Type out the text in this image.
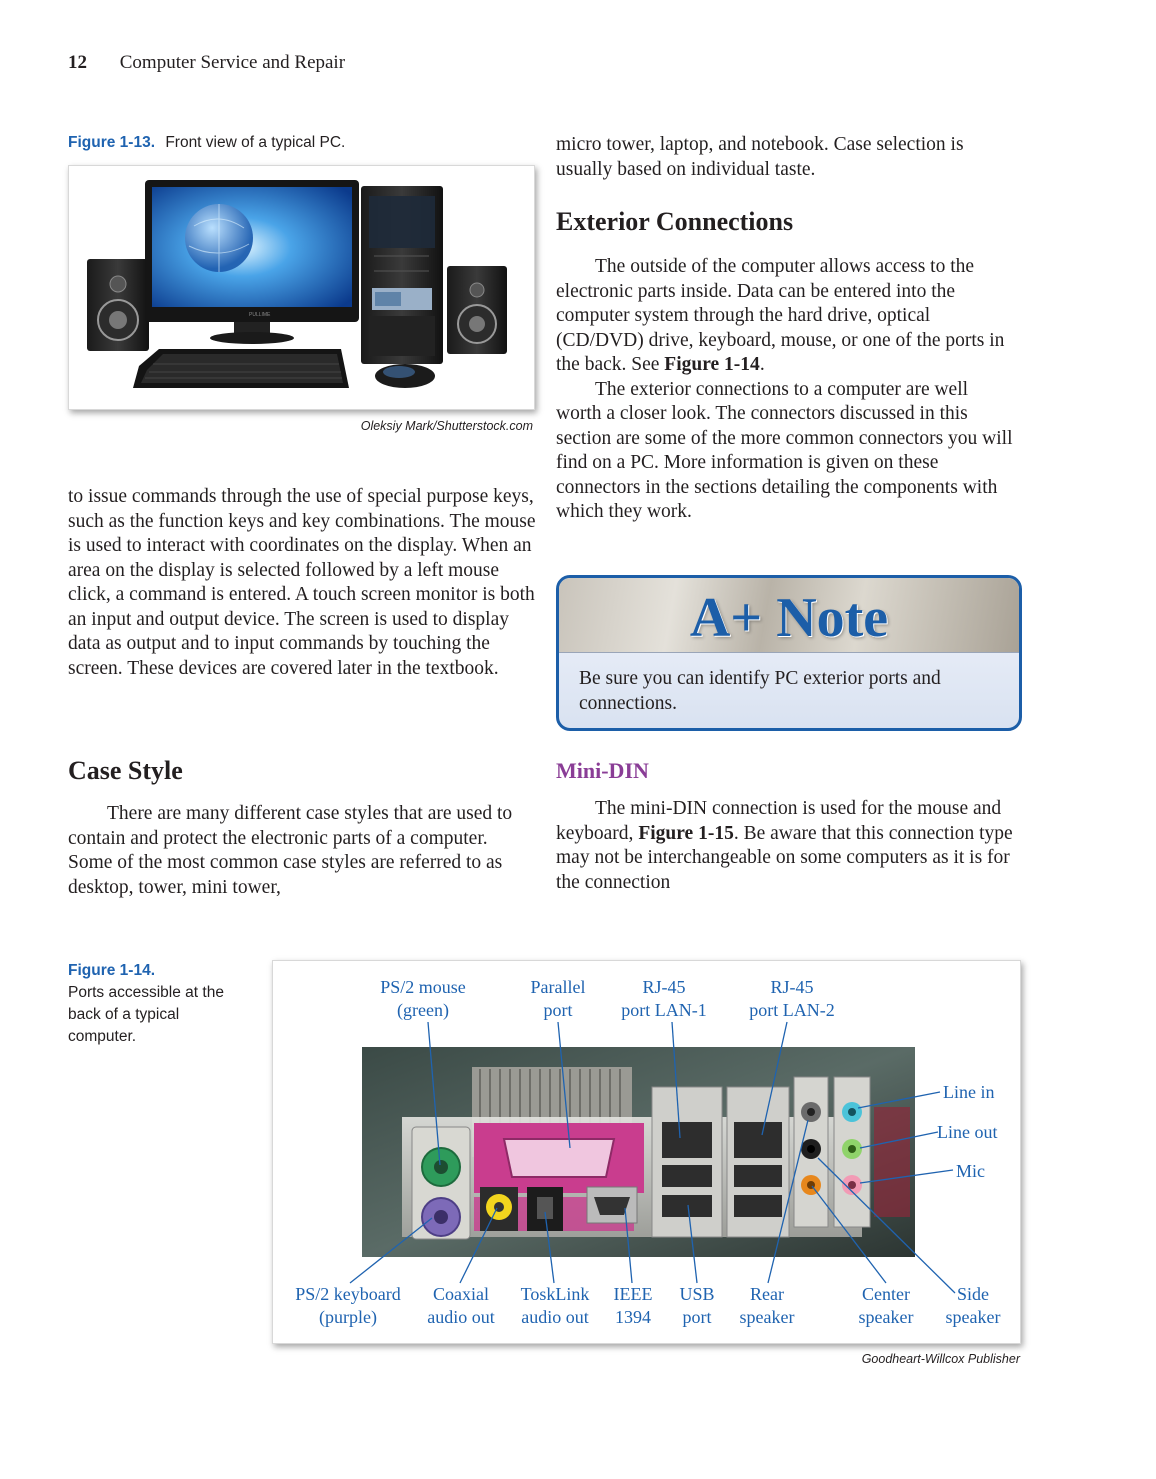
12 Computer Service and Repair
Figure 1-13. Front view of a typical PC.
PULLIME
Oleksiy Mark/Shutterstock.com

to issue commands through the use of special purpose keys, such as the function keys and key combinations. The mouse is used to interact with coordinates on the display. When an area on the display is selected followed by a left mouse click, a command is entered. A touch screen monitor is both an input and output device. The screen is used to display data as output and to input commands by touching the screen. These devices are covered later in the textbook.

Case Style

There are many different case styles that are used to contain and protect the electronic parts of a computer. Some of the most common case styles are referred to as desktop, tower, mini tower,

micro tower, laptop, and notebook. Case selection is usually based on individual taste.

Exterior Connections

The outside of the computer allows access to the electronic parts inside. Data can be entered into the computer system through the hard drive, optical (CD/DVD) drive, keyboard, mouse, or one of the ports in the back. See Figure 1-14.

The exterior connections to a computer are well worth a closer look. The connectors discussed in this section are some of the more common connectors you will find on a PC. More information is given on these connectors in the sections detailing the components with which they work.

A+ Note
Be sure you can identify PC exterior ports and connections.
Mini-DIN

The mini-DIN connection is used for the mouse and keyboard, Figure 1-15. Be aware that this connection type may not be interchangeable on some computers as it is for the connection

Figure 1-14.
Ports accessible at the back of a typical computer.
PS/2 mouse
(green)
Parallel
port
RJ-45
port LAN-1
RJ-45
port LAN-2
Line in
Line out
Mic
PS/2 keyboard
(purple)
Coaxial
audio out
ToskLink
audio out
IEEE
1394
USB
port
Rear
speaker
Center
speaker
Side
speaker
Goodheart-Willcox Publisher
